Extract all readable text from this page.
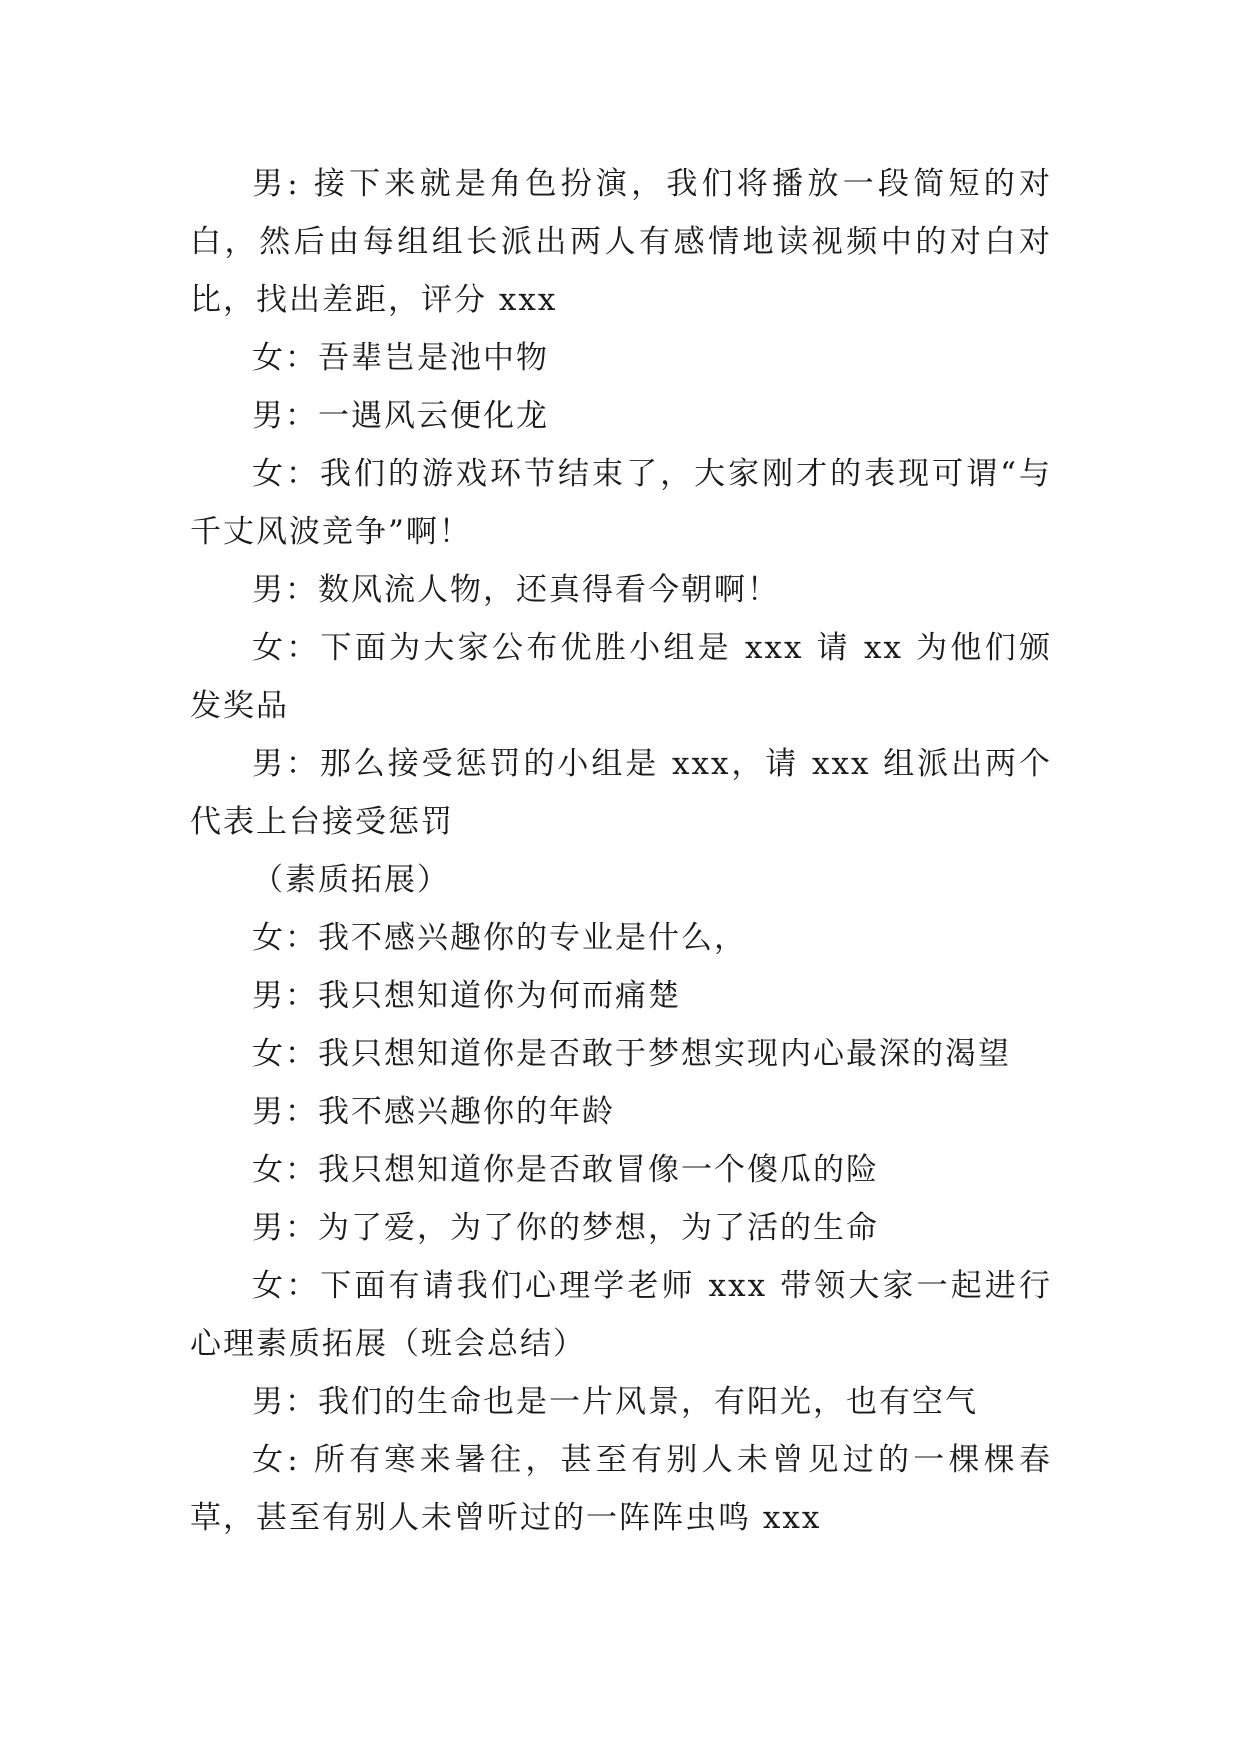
男: 接下来就是角色扮演，我们将播放一段简短的对白，然后由每组组长派出两人有感情地读视频中的对白对比，找出差距，评分 xxx

女：吾辈岂是池中物

男：一遇风云便化龙

女：我们的游戏环节结束了，大家刚才的表现可谓“与千丈风波竞争”啊！

男：数风流人物，还真得看今朝啊！

女：下面为大家公布优胜小组是 xxx 请 xx 为他们颁发奖品

男：那么接受惩罚的小组是 xxx，请 xxx 组派出两个代表上台接受惩罚

（素质拓展）

女：我不感兴趣你的专业是什么，

男：我只想知道你为何而痛楚

女：我只想知道你是否敢于梦想实现内心最深的渴望

男：我不感兴趣你的年龄

女：我只想知道你是否敢冒像一个傻瓜的险

男：为了爱，为了你的梦想，为了活的生命

女：下面有请我们心理学老师 xxx 带领大家一起进行心理素质拓展（班会总结）

男：我们的生命也是一片风景，有阳光，也有空气

女: 所有寒来暑往，甚至有别人未曾见过的一棵棵春草，甚至有别人未曾听过的一阵阵虫鸣 xxx
